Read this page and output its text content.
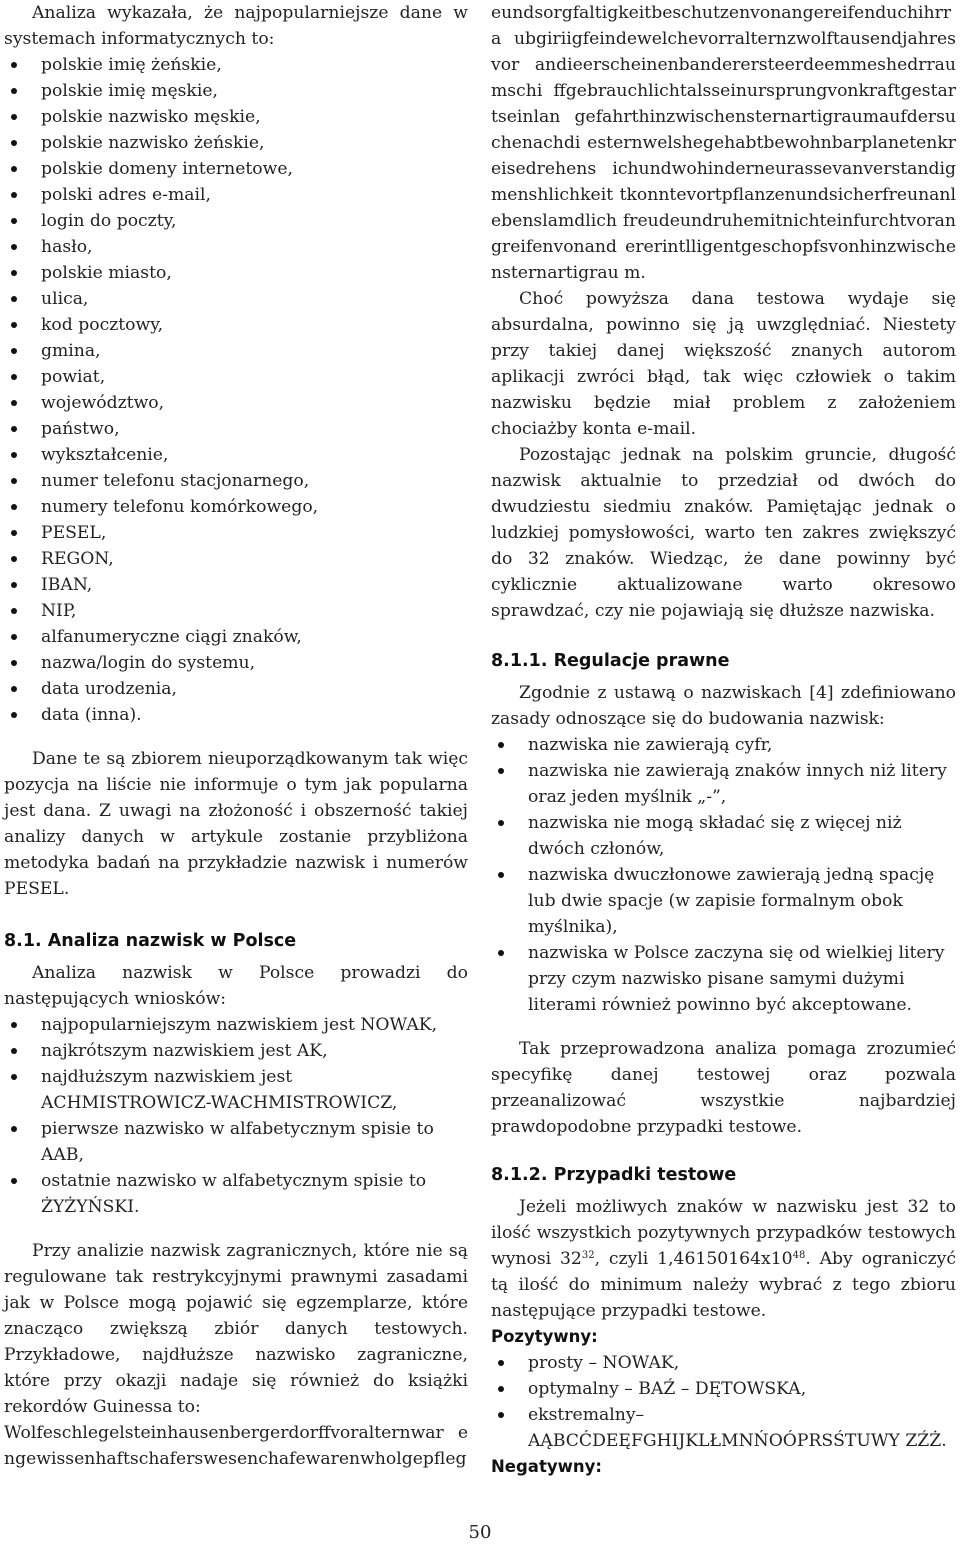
Analiza wykazała, że najpopularniejsze dane w systemach informatycznych to:

polskie imię żeńskie,
polskie imię męskie,
polskie nazwisko męskie,
polskie nazwisko żeńskie,
polskie domeny internetowe,
polski adres e-mail,
login do poczty,
hasło,
polskie miasto,
ulica,
kod pocztowy,
gmina,
powiat,
województwo,
państwo,
wykształcenie,
numer telefonu stacjonarnego,
numery telefonu komórkowego,
PESEL,
REGON,
IBAN,
NIP,
alfanumeryczne ciągi znaków,
nazwa/login do systemu,
data urodzenia,
data (inna).

Dane te są zbiorem nieuporządkowanym tak więc pozycja na liście nie informuje o tym jak popularna jest dana. Z uwagi na złożoność i obszerność takiej analizy danych w artykule zostanie przybliżona metodyka badań na przykładzie nazwisk i numerów PESEL.

8.1. Analiza nazwisk w Polsce

Analiza nazwisk w Polsce prowadzi do następujących wniosków:

najpopularniejszym nazwiskiem jest NOWAK,
najkrótszym nazwiskiem jest AK,
najdłuższym nazwiskiem jest ACHMISTROWICZ-WACHMISTROWICZ,
pierwsze nazwisko w alfabetycznym spisie to AAB,
ostatnie nazwisko w alfabetycznym spisie to ŻYŻYŃSKI.

Przy analizie nazwisk zagranicznych, które nie są regulowane tak restrykcyjnymi prawnymi zasadami jak w Polsce mogą pojawić się egzemplarze, które znacząco zwiększą zbiór danych testowych. Przykładowe, najdłuższe nazwisko zagraniczne, które przy okazji nadaje się również do książki rekordów Guinessa to:

Wolfeschlegelsteinhausenbergerdorffvoralternwar engewissenhaftschaferswesenchafewarenwholgepfleg

eundsorgfaltigkeitbeschutzenvonangereifenduchihrra ubgiriigfeindewelchevorralternzwolftausendjahresvor andieerscheinenbanderersteerdeemmeshedrraumschi ffgebrauchlichtalsseinursprungvonkraftgestartseinlan gefahrthinzwischensternartigraumaufdersuchenachdi esternwelshegehabtbewohnbarplanetenkreisedrehens ichundwohinderneurassevanverstandigmenshlichkeit tkonntevortpflanzenundsicherfreunanlebenslamdlich freudeundruhemitnichteinfurchtvorangreifenvonand ererintlligentgeschopfsvonhinzwischensternartigrau m.

Choć powyższa dana testowa wydaje się absurdalna, powinno się ją uwzględniać. Niestety przy takiej danej większość znanych autorom aplikacji zwróci błąd, tak więc człowiek o takim nazwisku będzie miał problem z założeniem chociażby konta e-mail.

Pozostając jednak na polskim gruncie, długość nazwisk aktualnie to przedział od dwóch do dwudziestu siedmiu znaków. Pamiętając jednak o ludzkiej pomysłowości, warto ten zakres zwiększyć do 32 znaków. Wiedząc, że dane powinny być cyklicznie aktualizowane warto okresowo sprawdzać, czy nie pojawiają się dłuższe nazwiska.

8.1.1. Regulacje prawne

Zgodnie z ustawą o nazwiskach [4] zdefiniowano zasady odnoszące się do budowania nazwisk:

nazwiska nie zawierają cyfr,
nazwiska nie zawierają znaków innych niż litery oraz jeden myślnik „-”,
nazwiska nie mogą składać się z więcej niż dwóch członów,
nazwiska dwuczłonowe zawierają jedną spację lub dwie spacje (w zapisie formalnym obok myślnika),
nazwiska w Polsce zaczyna się od wielkiej litery przy czym nazwisko pisane samymi dużymi literami również powinno być akceptowane.

Tak przeprowadzona analiza pomaga zrozumieć specyfikę danej testowej oraz pozwala przeanalizować wszystkie najbardziej prawdopodobne przypadki testowe.

8.1.2. Przypadki testowe

Jeżeli możliwych znaków w nazwisku jest 32 to ilość wszystkich pozytywnych przypadków testowych wynosi $32^{32}$, czyli $1,46150164x10^{48}$. Aby ograniczyć tą ilość do minimum należy wybrać z tego zbioru następujące przypadki testowe.

Pozytywny:

prosty – NOWAK,
optymalny – BAŹ – DĘTOWSKA,
ekstremalny– AĄBCĆDEĘFGHIJKLŁMNŃOÓPRSŚTUWY ZŹŻ.

Negatywny:

50
